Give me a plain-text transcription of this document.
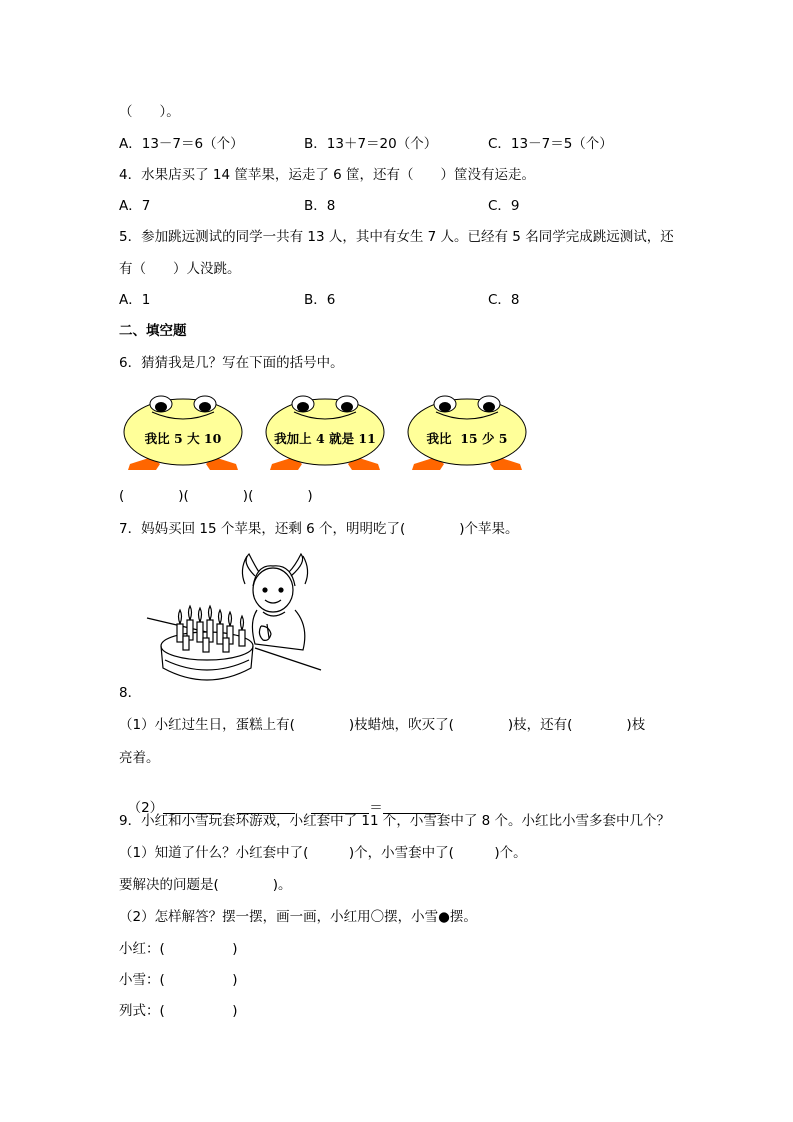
（　　）。
A．13－7＝6（个）	B．13＋7＝20（个）	C．13－7＝5（个）
4．水果店买了 14 筐苹果，运走了 6 筐，还有（　　）筐没有运走。
A．7	B．8	C．9
5．参加跳远测试的同学一共有 13 人，其中有女生 7 人。已经有 5 名同学完成跳远测试，还
有（　　）人没跳。
A．1	B．6	C．8
二、填空题
6．猜猜我是几？写在下面的括号中。
我比 5 大 10	我加上 4 就是 11	我比  15 少 5
(　　　　)(　　　　)(　　　　)
7．妈妈买回 15 个苹果，还剩 6 个，明明吃了(　　　　)个苹果。
8．
（1）小红过生日，蛋糕上有(　　　　)枝蜡烛，吹灭了(　　　　)枝，还有(　　　　)枝
亮着。

（2）	＝

9．小红和小雪玩套环游戏，小红套中了 11 个，小雪套中了 8 个。小红比小雪多套中几个？
（1）知道了什么？小红套中了(　　　)个，小雪套中了(　　　)个。
要解决的问题是(　　　　)。
（2）怎样解答？摆一摆，画一画，小红用〇摆，小雪●摆。
小红：(　　　　　)
小雪：(　　　　　)
列式：(　　　　　)
